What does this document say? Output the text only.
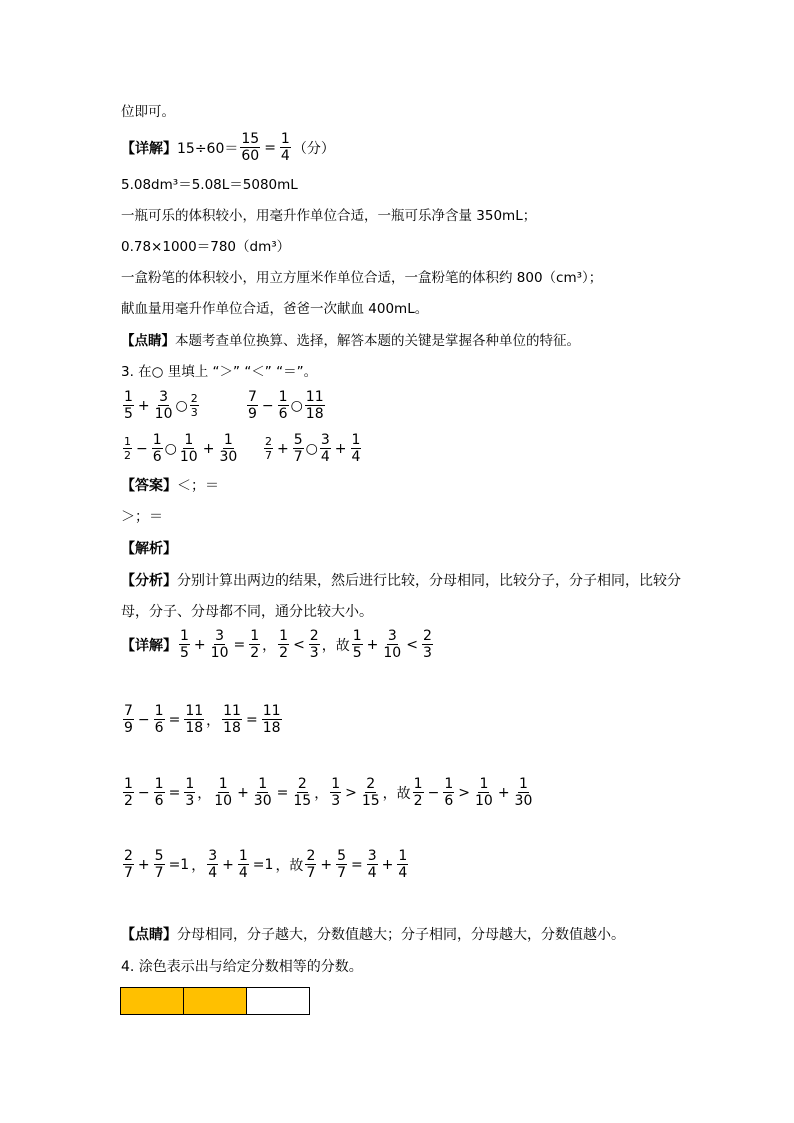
位即可。
【详解】 $15\div 60= \frac{15}{60} = \frac{1}{4}$ （分）
5.08dm³＝5.08L＝5080mL
一瓶可乐的体积较小，用毫升作单位合适，一瓶可乐净含量 350mL；
0.78×1000＝780（dm³）
一盒粉笔的体积较小，用立方厘米作单位合适，一盒粉笔的体积约 800（cm³）；
献血量用毫升作单位合适，爸爸一次献血 400mL。
【点睛】本题考查单位换算、选择，解答本题的关键是掌握各种单位的特征。
3. 在○ 里填上 “＞” “＜” “＝”。
1
5
+ $\frac{3}{10}$ ○ 2
3
7
9
− $\frac{1}{6}$ ○
11
18
1
$2 - \frac{1}{6}$ ○
1
10
+ $\frac{1}{30} 2$
$7 + \frac{5}{7}$ ○
3
4
+ $\frac{1}{4}$
【答案】＜；＝
＞；＝
【解析】
【分析】分别计算出两边的结果，然后进行比较，分母相同，比较分子，分子相同，比较分
母，分子、分母都不同，通分比较大小。
【详解】
1
5
+ $\frac{3}{10} = \frac{1}{2}$ ，
1
2
<
2
3 ，故
1
5
+ $\frac{3}{10}$ <
2
3
7
9
− $\frac{1}{6} = \frac{11}{18}$ ， $\frac{11}{18} = \frac{11}{18}$
1
2
− $\frac{1}{6} = \frac{1}{3}$ ，
1
10
+ $\frac{1}{30} = \frac{2}{15}$ ，
1
3
>
2
15 ，故
1
2
− $\frac{1}{6}$ >
1
10
+ $\frac{1}{30}$
2
7
+ $\frac{5}{7} =1$ ，
3
4
+ $\frac{1}{4} =1$ ，故
2
7
+ $\frac{5}{7} = \frac{3}{4} + \frac{1}{4}$
【点睛】分母相同，分子越大，分数值越大；分子相同，分母越大，分数值越小。
4. 涂色表示出与给定分数相等的分数。
